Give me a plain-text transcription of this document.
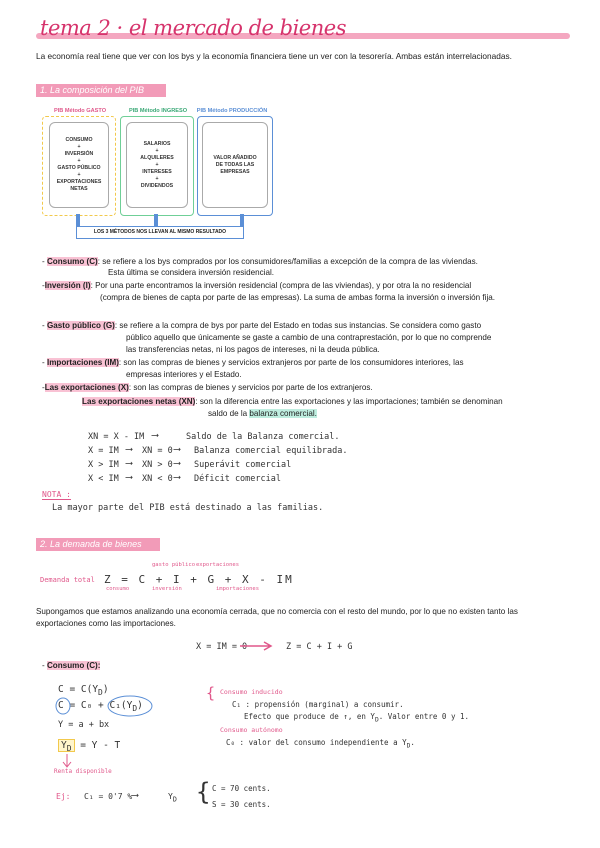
tema 2 · el mercado de bienes
La economía real tiene que ver con los bys y la economía financiera tiene un ver con la tesorería. Ambas están interrelacionadas.
1. La composición del PIB
PIB Método GASTO	PIB Método INGRESO	PIB Método PRODUCCIÓN
CONSUMO
+
INVERSIÓN
+
GASTO PÚBLICO
+
EXPORTACIONES
NETAS
SALARIOS
+
ALQUILERES
+
INTERESES
+
DIVIDENDOS
VALOR AÑADIDO
DE TODAS LAS
EMPRESAS
LOS 3 MÉTODOS NOS LLEVAN AL MISMO RESULTADO
- Consumo (C): se refiere a los bys comprados por los consumidores/familias a excepción de la compra de las viviendas.
Esta última se considera inversión residencial.
-Inversión (I): Por una parte encontramos la inversión residencial (compra de las viviendas), y por otra la no residencial
(compra de bienes de capta por parte de las empresas). La suma de ambas forma la inversión o inversión fija.
- Gasto público (G): se refiere a la compra de bys por parte del Estado en todas sus instancias. Se considera como gasto
público aquello que únicamente se gaste a cambio de una contraprestación, por lo que no comprende
las transferencias netas, ni los pagos de intereses, ni la deuda pública.
- Importaciones (IM): son las compras de bienes y servicios extranjeros por parte de los consumidores interiores, las
empresas interiores y el Estado.
-Las exportaciones (X): son las compras de bienes y servicios por parte de los extranjeros.
Las exportaciones netas (XN): son la diferencia entre las exportaciones y las importaciones; también se denominan
saldo de la balanza comercial.
XN = X - IM ⟶	Saldo de la Balanza comercial.
X = IM ⟶ XN = 0 ⟶ Balanza comercial equilibrada.
X > IM ⟶ XN > 0 ⟶ Superávit comercial
X < IM ⟶ XN < 0 ⟶ Déficit comercial
NOTA :
La mayor parte del PIB está destinado a las familias.
2. La demanda de bienes
Demanda total Z = C + I + G + X - IM
gasto público exportaciones
consumo	inversión	importaciones
Supongamos que estamos analizando una economía cerrada, que no comercia con el resto del mundo, por lo que no existen tanto las exportaciones como las importaciones.
X = IM = 0	Z = C + I + G
- Consumo (C):
$C = C(Y_D)$
$C = C_0 + C_1(Y_D)$
Y = a + bx
$Y_D = Y - T$
Renta disponible
{ Consumo inducido
C₁ : propensión (marginal) a consumir.
Efecto que produce de ↑, en $Y_D$. Valor entre 0 y 1.
Consumo autónomo
C₀ : valor del consumo independiente a $Y_D$.
Ej: C₁ = 0'7 % ⟶	$Y_D$ { C = 70 cents.
S = 30 cents.
